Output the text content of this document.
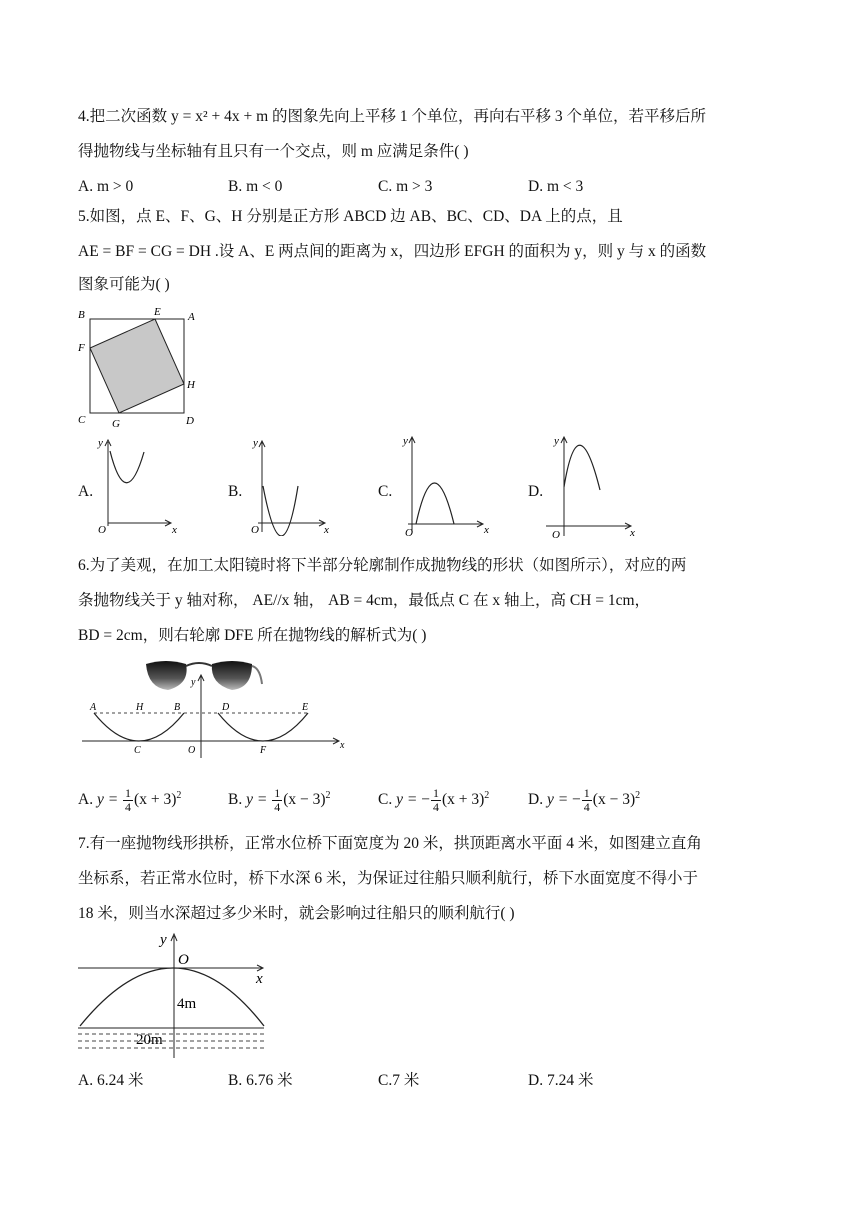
4.把二次函数 y = x² + 4x + m 的图象先向上平移 1 个单位，再向右平移 3 个单位，若平移后所
得抛物线与坐标轴有且只有一个交点，则 m 应满足条件( )
A. m > 0	B. m < 0	C. m > 3	D. m < 3
5.如图，点 E、F、G、H 分别是正方形 ABCD 边 AB、BC、CD、DA 上的点，且
AE = BF = CG = DH .设 A、E 两点间的距离为 x，四边形 EFGH 的面积为 y，则 y 与 x 的函数
图象可能为( )
B	E A
F
H
C G	D
A.
y
x
O
B.
y
x
O
C.
y
x
O
D.
y
x
O
6.为了美观，在加工太阳镜时将下半部分轮廓制作成抛物线的形状（如图所示），对应的两
条抛物线关于 y 轴对称， AE//x 轴， AB = 4cm，最低点 C 在 x 轴上，高 CH = 1cm，
BD = 2cm，则右轮廓 DFE 所在抛物线的解析式为( )
A	H	B	D	E
C	O	F
y
x
A. $y = \frac{1}{4} (x + 3)^2$	B. $y = \frac{1}{4} (x - 3)^2$	C. y = − $\frac{1}{4} (x + 3)^2$ D. y = − $\frac{1}{4} (x - 3)^2$
7.有一座抛物线形拱桥，正常水位桥下面宽度为 20 米，拱顶距离水平面 4 米，如图建立直角
坐标系，若正常水位时，桥下水深 6 米，为保证过往船只顺利航行，桥下水面宽度不得小于
18 米，则当水深超过多少米时，就会影响过往船只的顺利航行( )
y
O
x
4m
20m
A. 6.24 米	B. 6.76 米	C.7 米	D. 7.24 米
